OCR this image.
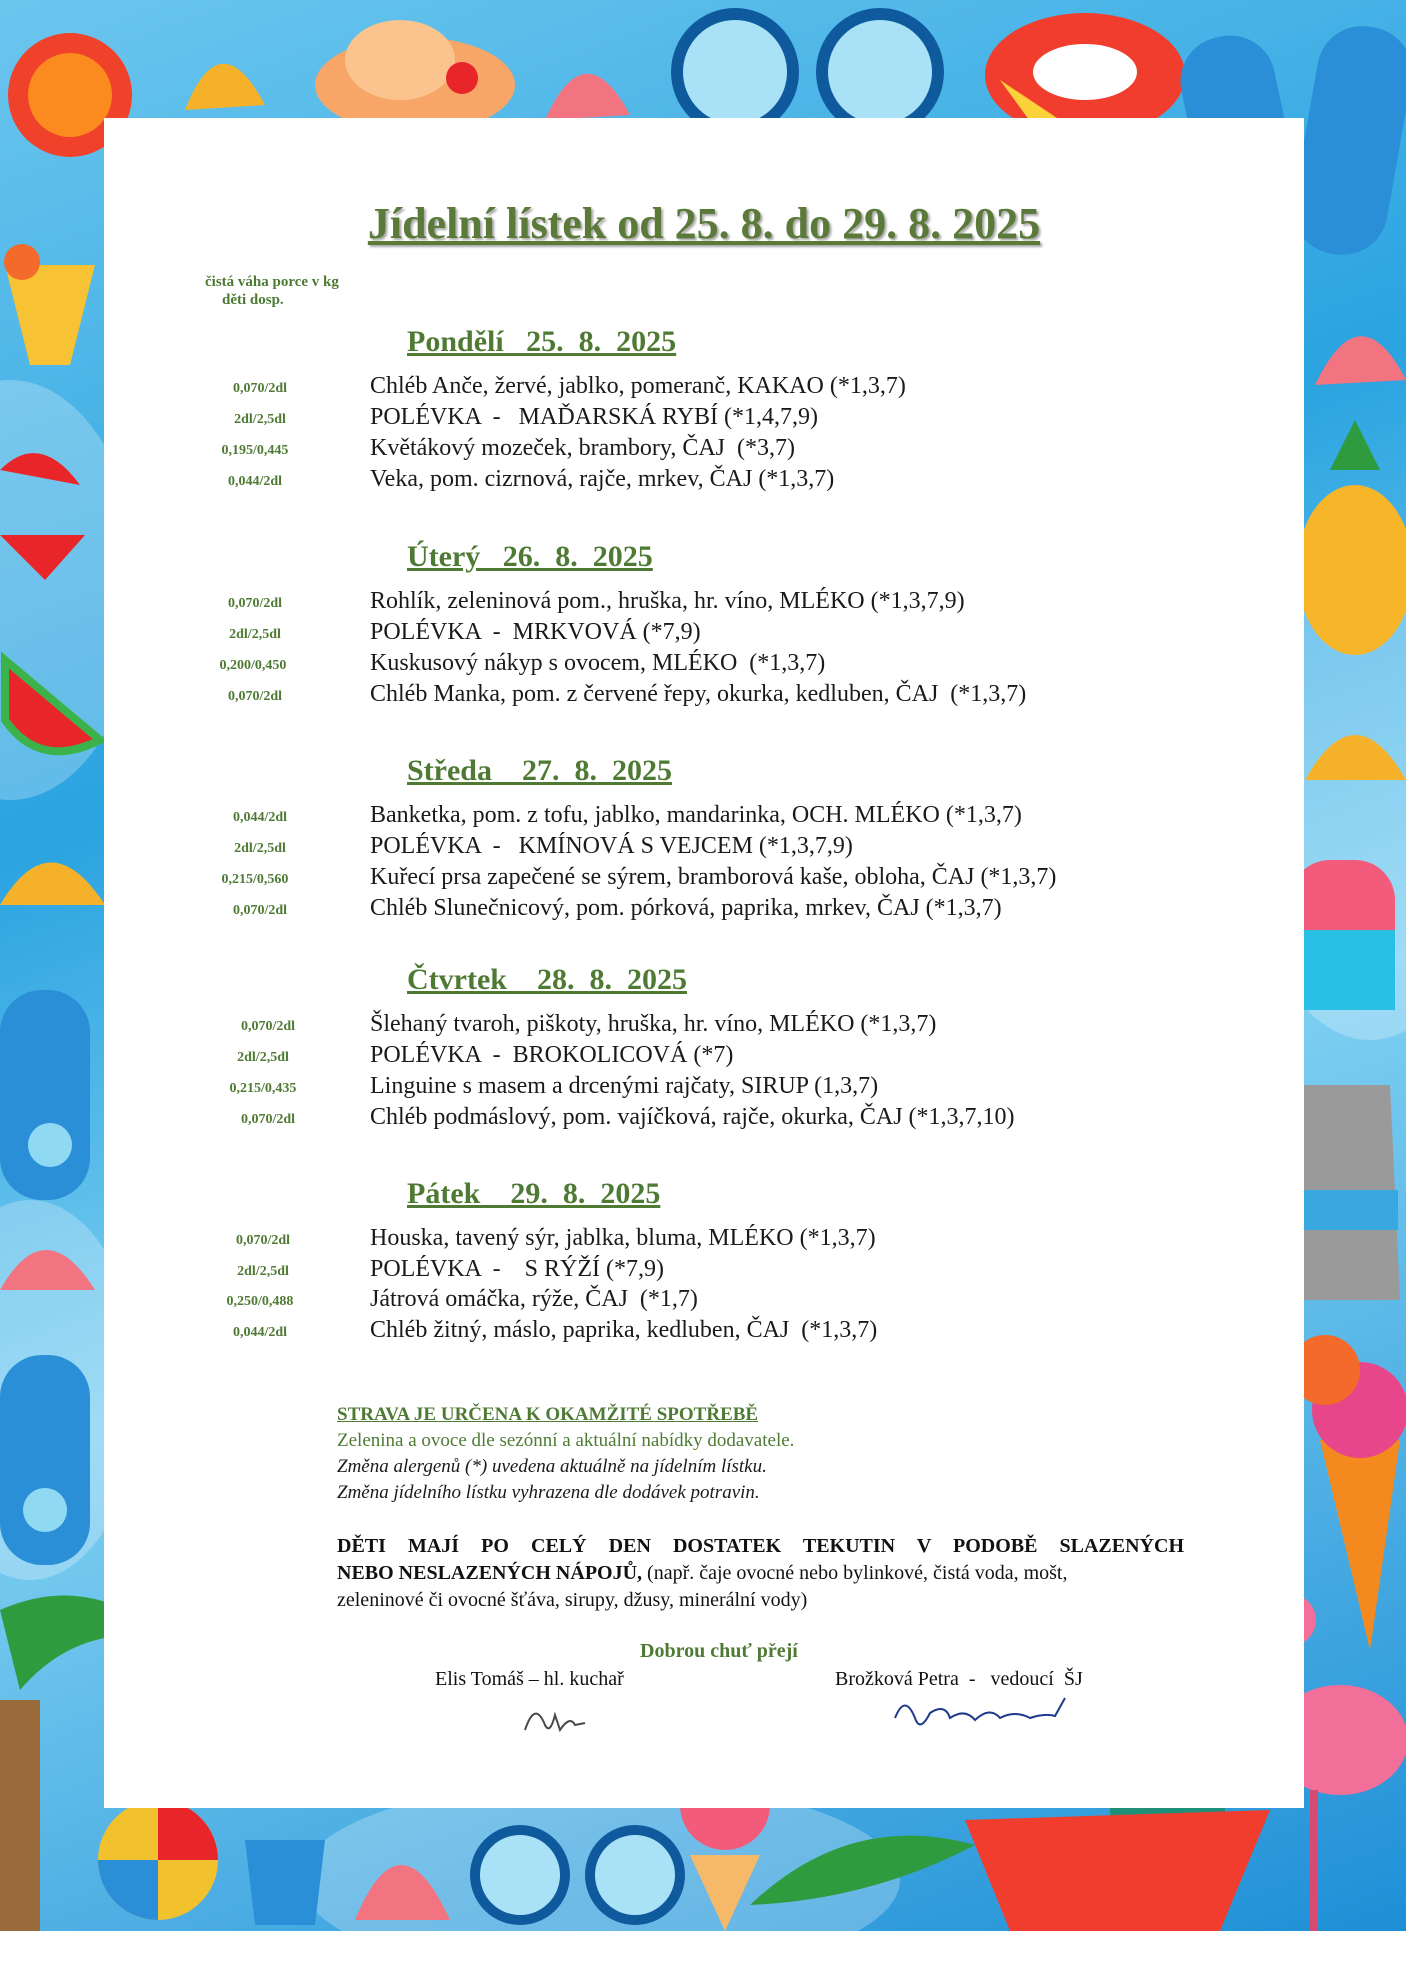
Jídelní lístek od 25. 8. do 29. 8. 2025
čistá váha porce v kg
děti dosp.
Pondělí   25.  8.  2025
0,070/2dl	Chléb Anče, žervé, jablko, pomeranč, KAKAO (*1,3,7)
2dl/2,5dl	POLÉVKA  -   MAĎARSKÁ RYBÍ (*1,4,7,9)
0,195/0,445	Květákový mozeček, brambory, ČAJ  (*3,7)
0,044/2dl	Veka, pom. cizrnová, rajče, mrkev, ČAJ (*1,3,7)
Úterý   26.  8.  2025
0,070/2dl	Rohlík, zeleninová pom., hruška, hr. víno, MLÉKO (*1,3,7,9)
2dl/2,5dl	POLÉVKA  -  MRKVOVÁ (*7,9)
0,200/0,450	Kuskusový nákyp s ovocem, MLÉKO  (*1,3,7)
0,070/2dl	Chléb Manka, pom. z červené řepy, okurka, kedluben, ČAJ  (*1,3,7)
Středa    27.  8.  2025
0,044/2dl	Banketka, pom. z tofu, jablko, mandarinka, OCH. MLÉKO (*1,3,7)
2dl/2,5dl	POLÉVKA  -   KMÍNOVÁ S VEJCEM (*1,3,7,9)
0,215/0,560	Kuřecí prsa zapečené se sýrem, bramborová kaše, obloha, ČAJ (*1,3,7)
0,070/2dl	Chléb Slunečnicový, pom. pórková, paprika, mrkev, ČAJ (*1,3,7)
Čtvrtek    28.  8.  2025
0,070/2dl	Šlehaný tvaroh, piškoty, hruška, hr. víno, MLÉKO (*1,3,7)
2dl/2,5dl	POLÉVKA  -  BROKOLICOVÁ (*7)
0,215/0,435	Linguine s masem a drcenými rajčaty, SIRUP (1,3,7)
0,070/2dl	Chléb podmáslový, pom. vajíčková, rajče, okurka, ČAJ (*1,3,7,10)
Pátek    29.  8.  2025
0,070/2dl	Houska, tavený sýr, jablka, bluma, MLÉKO (*1,3,7)
2dl/2,5dl	POLÉVKA  -    S RÝŽÍ (*7,9)
0,250/0,488	Játrová omáčka, rýže, ČAJ  (*1,7)
0,044/2dl	Chléb žitný, máslo, paprika, kedluben, ČAJ  (*1,3,7)
STRAVA JE URČENA K OKAMŽITÉ SPOTŘEBĚ
Zelenina a ovoce dle sezónní a aktuální nabídky dodavatele.
Změna alergenů (*) uvedena aktuálně na jídelním lístku.
Změna jídelního lístku vyhrazena dle dodávek potravin.
DĚTI MAJÍ PO CELÝ DEN DOSTATEK TEKUTIN V PODOBĚ SLAZENÝCH
NEBO NESLAZENÝCH NÁPOJŮ, (např. čaje ovocné nebo bylinkové, čistá voda, mošt,
zeleninové či ovocné šťáva, sirupy, džusy, minerální vody)
Dobrou chuť přejí
Elis Tomáš – hl. kuchař	Brožková Petra  -   vedoucí  ŠJ
